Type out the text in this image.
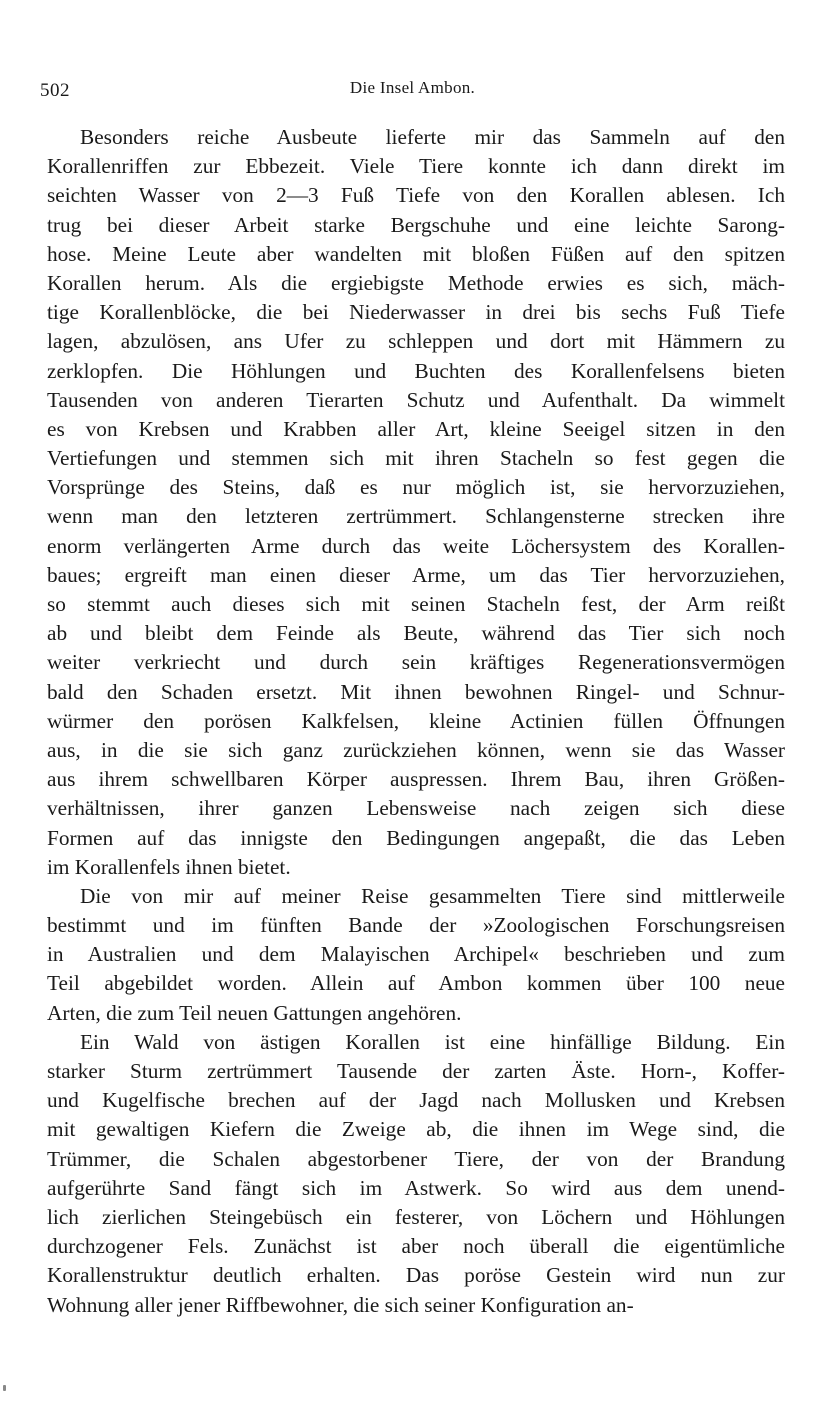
502	Die Insel Ambon.
Besonders reiche Ausbeute lieferte mir das Sammeln auf den
Korallenriffen zur Ebbezeit. Viele Tiere konnte ich dann direkt im
seichten Wasser von 2—3 Fuß Tiefe von den Korallen ablesen. Ich
trug bei dieser Arbeit starke Bergschuhe und eine leichte Sarong-
hose. Meine Leute aber wandelten mit bloßen Füßen auf den spitzen
Korallen herum. Als die ergiebigste Methode erwies es sich, mäch-
tige Korallenblöcke, die bei Niederwasser in drei bis sechs Fuß Tiefe
lagen, abzulösen, ans Ufer zu schleppen und dort mit Hämmern zu
zerklopfen. Die Höhlungen und Buchten des Korallenfelsens bieten
Tausenden von anderen Tierarten Schutz und Aufenthalt. Da wimmelt
es von Krebsen und Krabben aller Art, kleine Seeigel sitzen in den
Vertiefungen und stemmen sich mit ihren Stacheln so fest gegen die
Vorsprünge des Steins, daß es nur möglich ist, sie hervorzuziehen,
wenn man den letzteren zertrümmert. Schlangensterne strecken ihre
enorm verlängerten Arme durch das weite Löchersystem des Korallen-
baues; ergreift man einen dieser Arme, um das Tier hervorzuziehen,
so stemmt auch dieses sich mit seinen Stacheln fest, der Arm reißt
ab und bleibt dem Feinde als Beute, während das Tier sich noch
weiter verkriecht und durch sein kräftiges Regenerationsvermögen
bald den Schaden ersetzt. Mit ihnen bewohnen Ringel- und Schnur-
würmer den porösen Kalkfelsen, kleine Actinien füllen Öffnungen
aus, in die sie sich ganz zurückziehen können, wenn sie das Wasser
aus ihrem schwellbaren Körper auspressen. Ihrem Bau, ihren Größen-
verhältnissen, ihrer ganzen Lebensweise nach zeigen sich diese
Formen auf das innigste den Bedingungen angepaßt, die das Leben
im Korallenfels ihnen bietet.
Die von mir auf meiner Reise gesammelten Tiere sind mittlerweile
bestimmt und im fünften Bande der »Zoologischen Forschungsreisen
in Australien und dem Malayischen Archipel« beschrieben und zum
Teil abgebildet worden. Allein auf Ambon kommen über 100 neue
Arten, die zum Teil neuen Gattungen angehören.
Ein Wald von ästigen Korallen ist eine hinfällige Bildung. Ein
starker Sturm zertrümmert Tausende der zarten Äste. Horn-, Koffer-
und Kugelfische brechen auf der Jagd nach Mollusken und Krebsen
mit gewaltigen Kiefern die Zweige ab, die ihnen im Wege sind, die
Trümmer, die Schalen abgestorbener Tiere, der von der Brandung
aufgerührte Sand fängt sich im Astwerk. So wird aus dem unend-
lich zierlichen Steingebüsch ein festerer, von Löchern und Höhlungen
durchzogener Fels. Zunächst ist aber noch überall die eigentümliche
Korallenstruktur deutlich erhalten. Das poröse Gestein wird nun zur
Wohnung aller jener Riffbewohner, die sich seiner Konfiguration an-
